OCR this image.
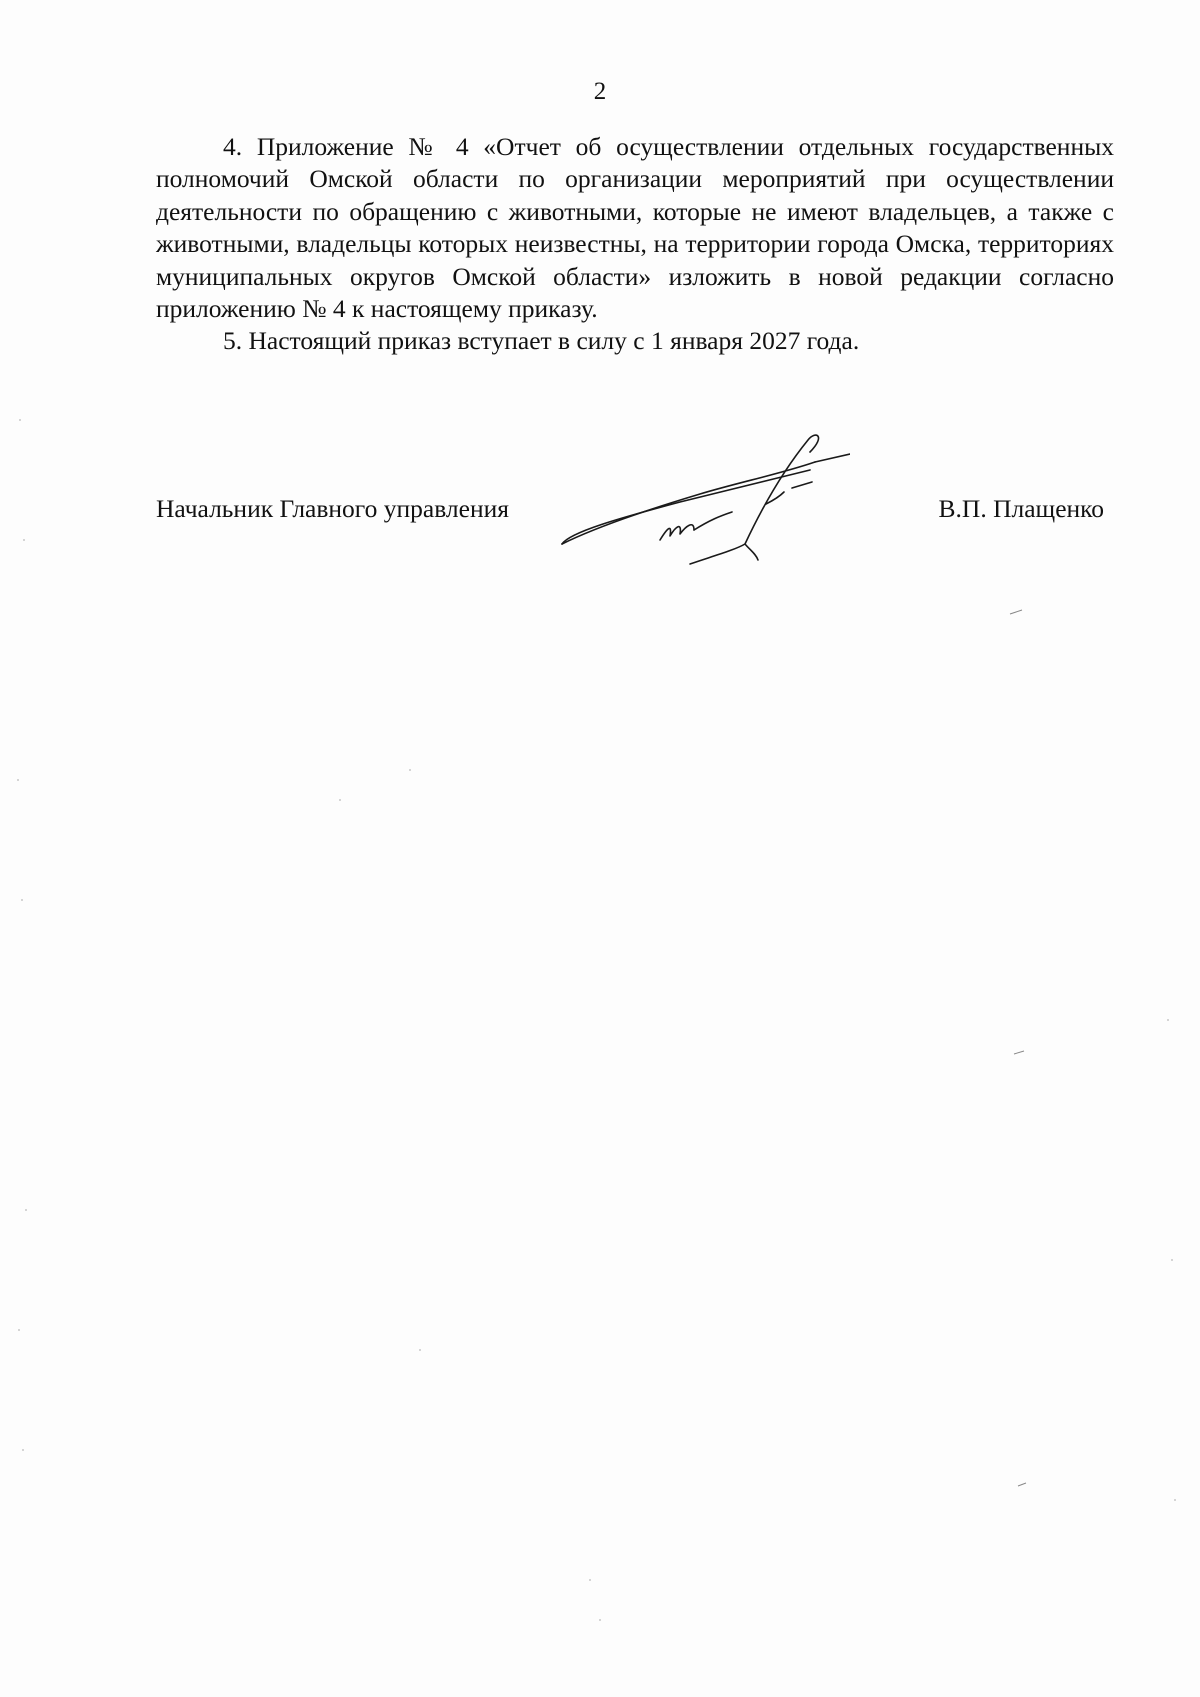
2

4. Приложение № 4 «Отчет об осуществлении отдельных государственных полномочий Омской области по организации мероприятий при осуществлении деятельности по обращению с животными, которые не имеют владельцев, а также с животными, владельцы которых неизвестны, на территории города Омска, территориях муниципальных округов Омской области» изложить в новой редакции согласно приложению № 4 к настоящему приказу.

5. Настоящий приказ вступает в силу с 1 января 2027 года.

Начальник Главного управления	В.П. Плащенко
